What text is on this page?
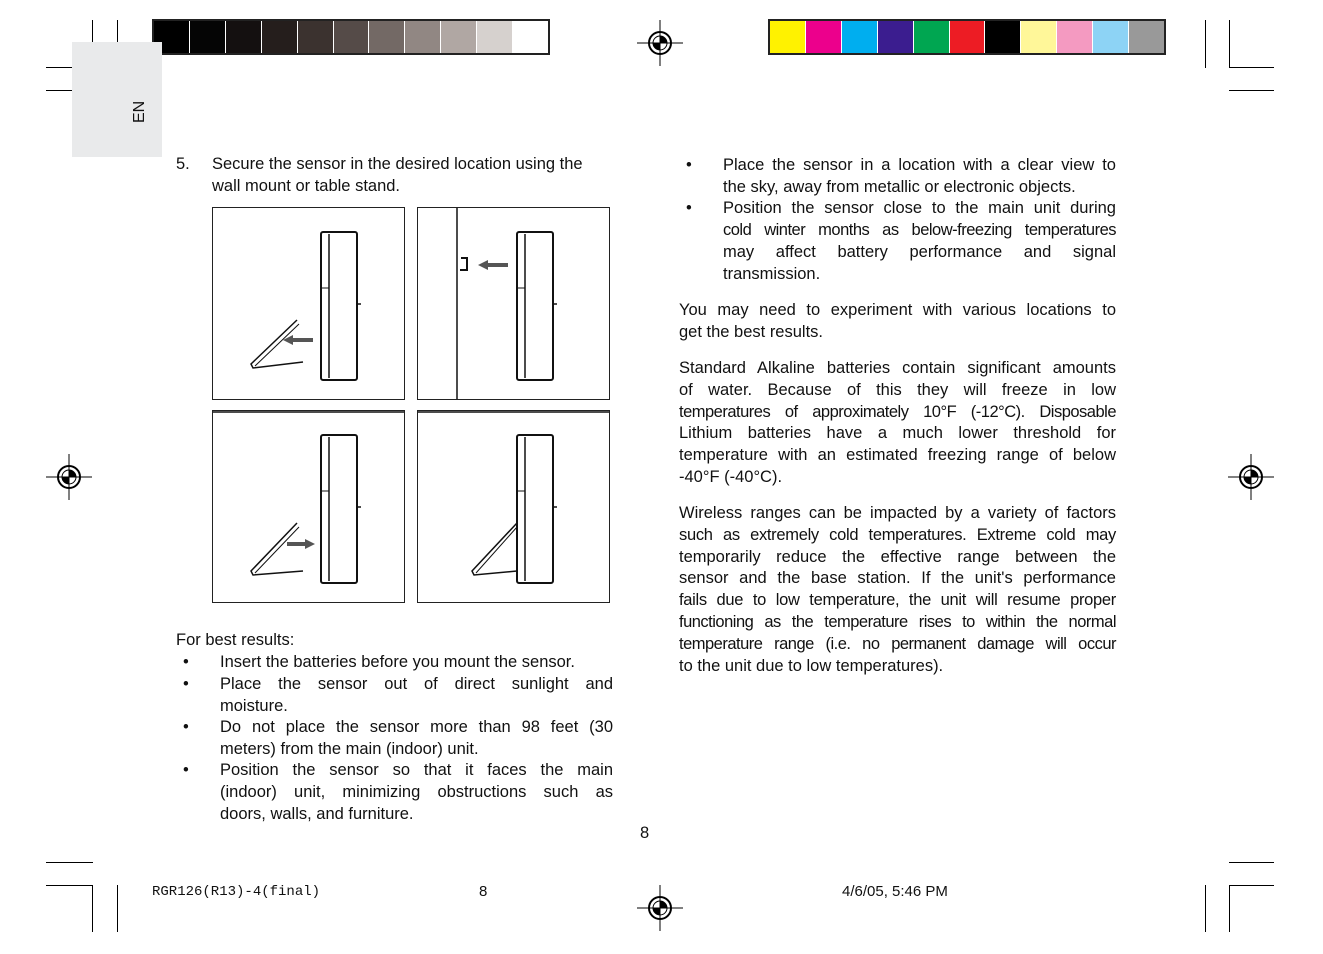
EN
5. Secure the sensor in the desired location using the
wall mount or table stand.
For best results:
• Insert the batteries before you mount the sensor.
• Place the sensor out of direct sunlight and
moisture.
• Do not place the sensor more than 98 feet (30
meters) from the main (indoor) unit.
• Position the sensor so that it faces the main
(indoor) unit, minimizing obstructions such as
doors, walls, and furniture.
• Place the sensor in a location with a clear view to
the sky, away from metallic or electronic objects.
• Position the sensor close to the main unit during
cold winter months as below-freezing temperatures
may affect battery performance and signal
transmission.
You may need to experiment with various locations to
get the best results.
Standard Alkaline batteries contain significant amounts
of water. Because of this they will freeze in low
temperatures of approximately 10°F (-12°C). Disposable
Lithium batteries have a much lower threshold for
temperature with an estimated freezing range of below
-40°F (-40°C).
Wireless ranges can be impacted by a variety of factors
such as extremely cold temperatures. Extreme cold may
temporarily reduce the effective range between the
sensor and the base station. If the unit's performance
fails due to low temperature, the unit will resume proper
functioning as the temperature rises to within the normal
temperature range (i.e. no permanent damage will occur
to the unit due to low temperatures).
8
RGR126(R13)-4(final)	8	4/6/05, 5:46 PM
